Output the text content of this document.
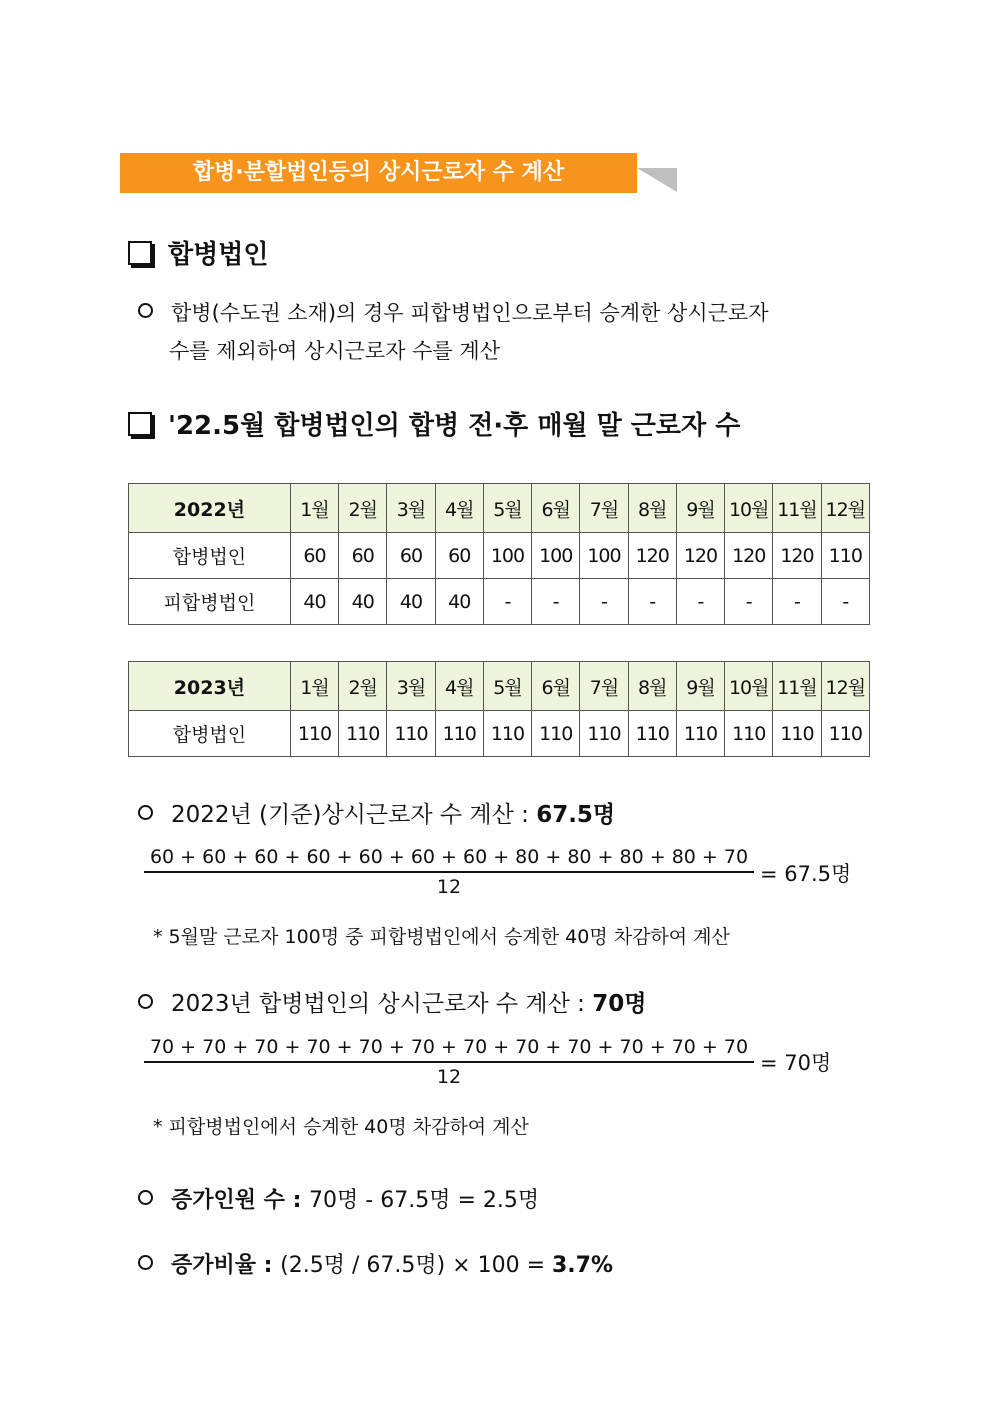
합병·분할법인등의 상시근로자 수 계산
합병법인
합병(수도권 소재)의 경우 피합병법인으로부터 승계한 상시근로자
수를 제외하여 상시근로자 수를 계산
'22.5월 합병법인의 합병 전·후 매월 말 근로자 수
2022년	1월	2월	3월	4월	5월	6월	7월	8월	9월	10월	11월	12월
합병법인	60	60	60	60	100	100	100	120	120	120	120	110
피합병법인	40	40	40	40	-	-	-	-	-	-	-	-
2023년	1월	2월	3월	4월	5월	6월	7월	8월	9월	10월	11월	12월
합병법인	110	110	110	110	110	110	110	110	110	110	110	110
2022년 (기준)상시근로자 수 계산 : 67.5명
60 + 60 + 60 + 60 + 60 + 60 + 60 + 80 + 80 + 80 + 80 + 70
12
= 67.5명
* 5월말 근로자 100명 중 피합병법인에서 승계한 40명 차감하여 계산
2023년 합병법인의 상시근로자 수 계산 : 70명
70 + 70 + 70 + 70 + 70 + 70 + 70 + 70 + 70 + 70 + 70 + 70
12
= 70명
* 피합병법인에서 승계한 40명 차감하여 계산
증가인원 수 : 70명 - 67.5명 = 2.5명
증가비율 : (2.5명 / 67.5명) × 100 = 3.7%
